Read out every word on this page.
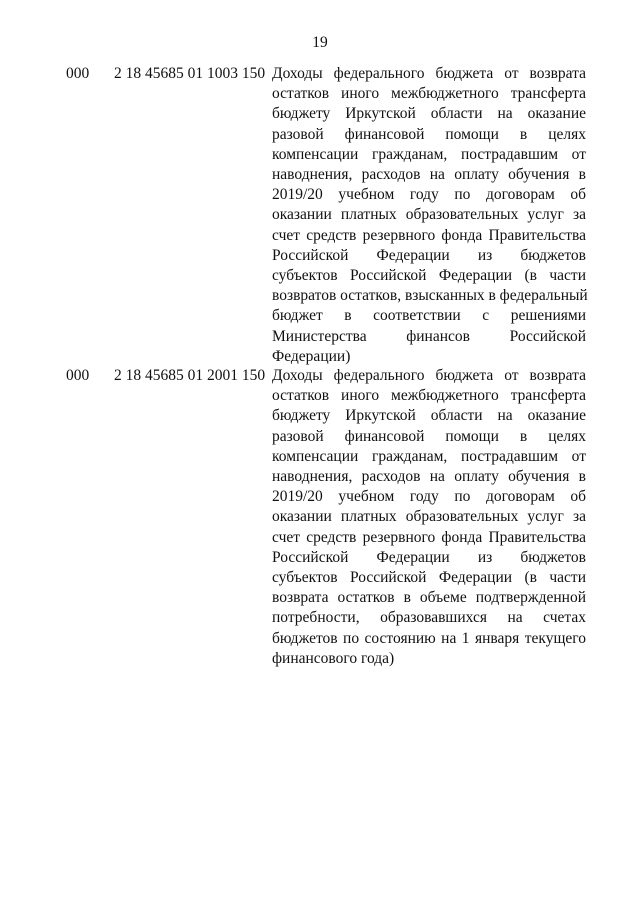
19
000 2 18 45685 01 1003 150 Доходы федерального бюджета от возврата
остатков иного межбюджетного трансферта
бюджету Иркутской области на оказание
разовой финансовой помощи в целях
компенсации гражданам, пострадавшим от
наводнения, расходов на оплату обучения в
2019/20 учебном году по договорам об
оказании платных образовательных услуг за
счет средств резервного фонда Правительства
Российской Федерации из бюджетов
субъектов Российской Федерации (в части
возвратов остатков, взысканных в федеральный
бюджет в соответствии с решениями
Министерства финансов Российской
Федерации)
000 2 18 45685 01 2001 150 Доходы федерального бюджета от возврата
остатков иного межбюджетного трансферта
бюджету Иркутской области на оказание
разовой финансовой помощи в целях
компенсации гражданам, пострадавшим от
наводнения, расходов на оплату обучения в
2019/20 учебном году по договорам об
оказании платных образовательных услуг за
счет средств резервного фонда Правительства
Российской Федерации из бюджетов
субъектов Российской Федерации (в части
возврата остатков в объеме подтвержденной
потребности, образовавшихся на счетах
бюджетов по состоянию на 1 января текущего
финансового года)
